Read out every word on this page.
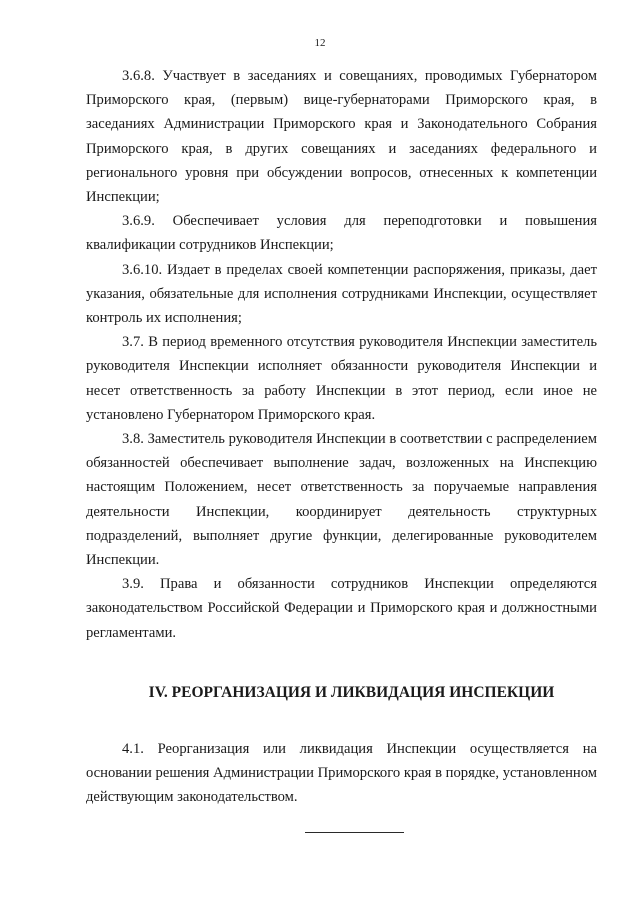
12

3.6.8. Участвует в заседаниях и совещаниях, проводимых Губернатором Приморского края, (первым) вице-губернаторами Приморского края, в заседаниях Администрации Приморского края и Законодательного Собрания Приморского края, в других совещаниях и заседаниях федерального и регионального уровня при обсуждении вопросов, отнесенных к компетенции Инспекции;

3.6.9. Обеспечивает условия для переподготовки и повышения квалификации сотрудников Инспекции;

3.6.10. Издает в пределах своей компетенции распоряжения, приказы, дает указания, обязательные для исполнения сотрудниками Инспекции, осуществляет контроль их исполнения;

3.7. В период временного отсутствия руководителя Инспекции заместитель руководителя Инспекции исполняет обязанности руководителя Инспекции и несет ответственность за работу Инспекции в этот период, если иное не установлено Губернатором Приморского края.

3.8. Заместитель руководителя Инспекции в соответствии с распределением обязанностей обеспечивает выполнение задач, возложенных на Инспекцию настоящим Положением, несет ответственность за поручаемые направления деятельности Инспекции, координирует деятельность структурных подразделений, выполняет другие функции, делегированные руководителем Инспекции.

3.9. Права и обязанности сотрудников Инспекции определяются законодательством Российской Федерации и Приморского края и должностными регламентами.

IV. РЕОРГАНИЗАЦИЯ И ЛИКВИДАЦИЯ ИНСПЕКЦИИ

4.1. Реорганизация или ликвидация Инспекции осуществляется на основании решения Администрации Приморского края в порядке, установленном действующим законодательством.
